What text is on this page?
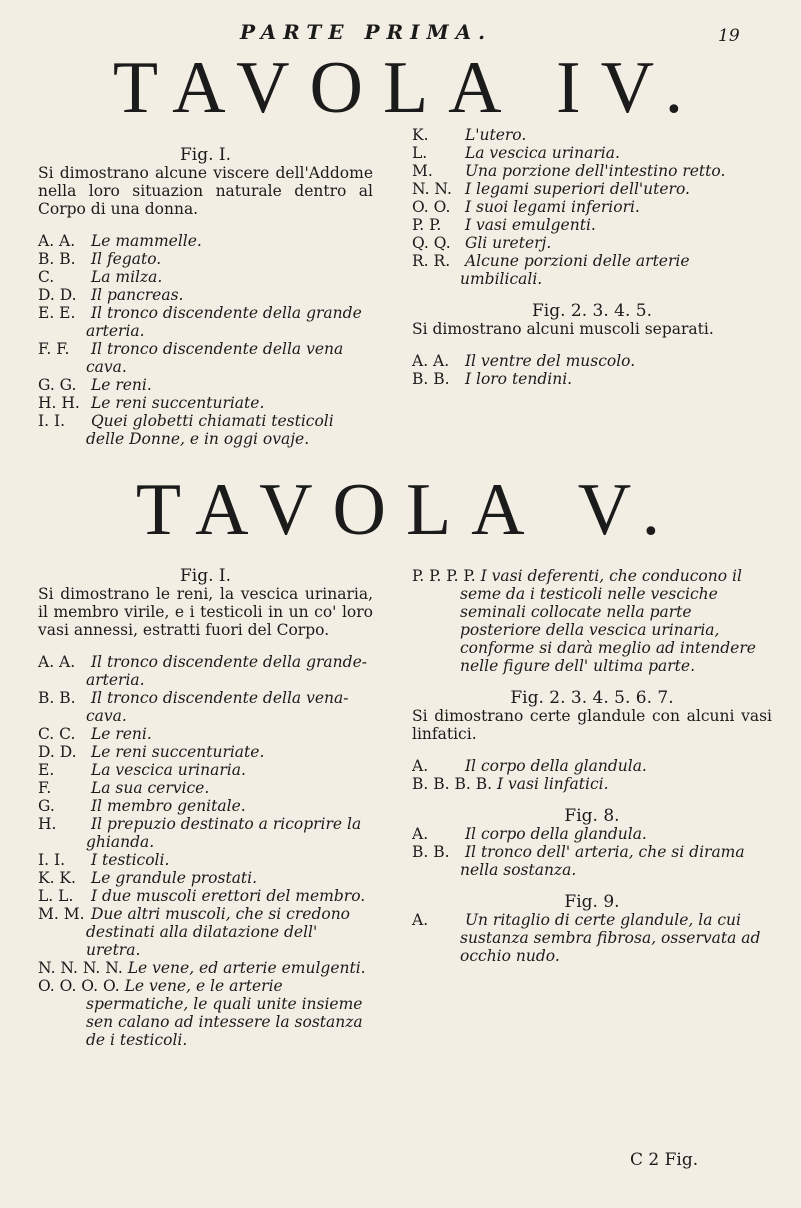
PARTE PRIMA.	19
TAVOLA IV.

Fig. I.

Si dimostrano alcune viscere dell'Addome nella loro situazion naturale dentro al Corpo di una donna.

A. A. Le mammelle.

B. B. Il fegato.

C. La milza.

D. D. Il pancreas.

E. E. Il tronco discendente della grande arteria.

F. F. Il tronco discendente della vena cava.

G. G. Le reni.

H. H. Le reni succenturiate.

I. I. Quei globetti chiamati testicoli delle Donne, e in oggi ovaje.

K. L'utero.

L. La vescica urinaria.

M. Una porzione dell'intestino retto.

N. N. I legami superiori dell'utero.

O. O. I suoi legami inferiori.

P. P. I vasi emulgenti.

Q. Q. Gli ureterj.

R. R. Alcune porzioni delle arterie umbilicali.

Fig. 2. 3. 4. 5.

Si dimostrano alcuni muscoli separati.

A. A. Il ventre del muscolo.

B. B. I loro tendini.

TAVOLA V.

Fig. I.

Si dimostrano le reni, la vescica urinaria, il membro virile, e i testicoli in un co' loro vasi annessi, estratti fuori del Corpo.

A. A. Il tronco discendente della grande-arteria.

B. B. Il tronco discendente della vena-cava.

C. C. Le reni.

D. D. Le reni succenturiate.

E. La vescica urinaria.

F.	La sua cervice.

G. Il membro genitale.

H. Il prepuzio destinato a ricoprire la ghianda.

I. I. I testicoli.

K. K. Le grandule prostati.

L. L. I due muscoli erettori del membro.

M. M. Due altri muscoli, che si credono destinati alla dilatazione dell' uretra.

N. N. N. N. Le vene, ed arterie emulgenti.

O. O. O. O. Le vene, e le arterie spermatiche, le quali unite insieme sen calano ad intessere la sostanza de i testicoli.

P. P. P. P. I vasi deferenti, che conducono il seme da i testicoli nelle vesciche seminali collocate nella parte posteriore della vescica urinaria, conforme si darà meglio ad intendere nelle figure dell' ultima parte.

Fig. 2. 3. 4. 5. 6. 7.

Si dimostrano certe glandule con alcuni vasi linfatici.

A. Il corpo della glandula.

B. B. B. B. I vasi linfatici.

Fig. 8.

A. Il corpo della glandula.

B. B. Il tronco dell' arteria, che si dirama nella sostanza.

Fig. 9.

A. Un ritaglio di certe glandule, la cui sustanza sembra fibrosa, osservata ad occhio nudo.

C 2 Fig.
